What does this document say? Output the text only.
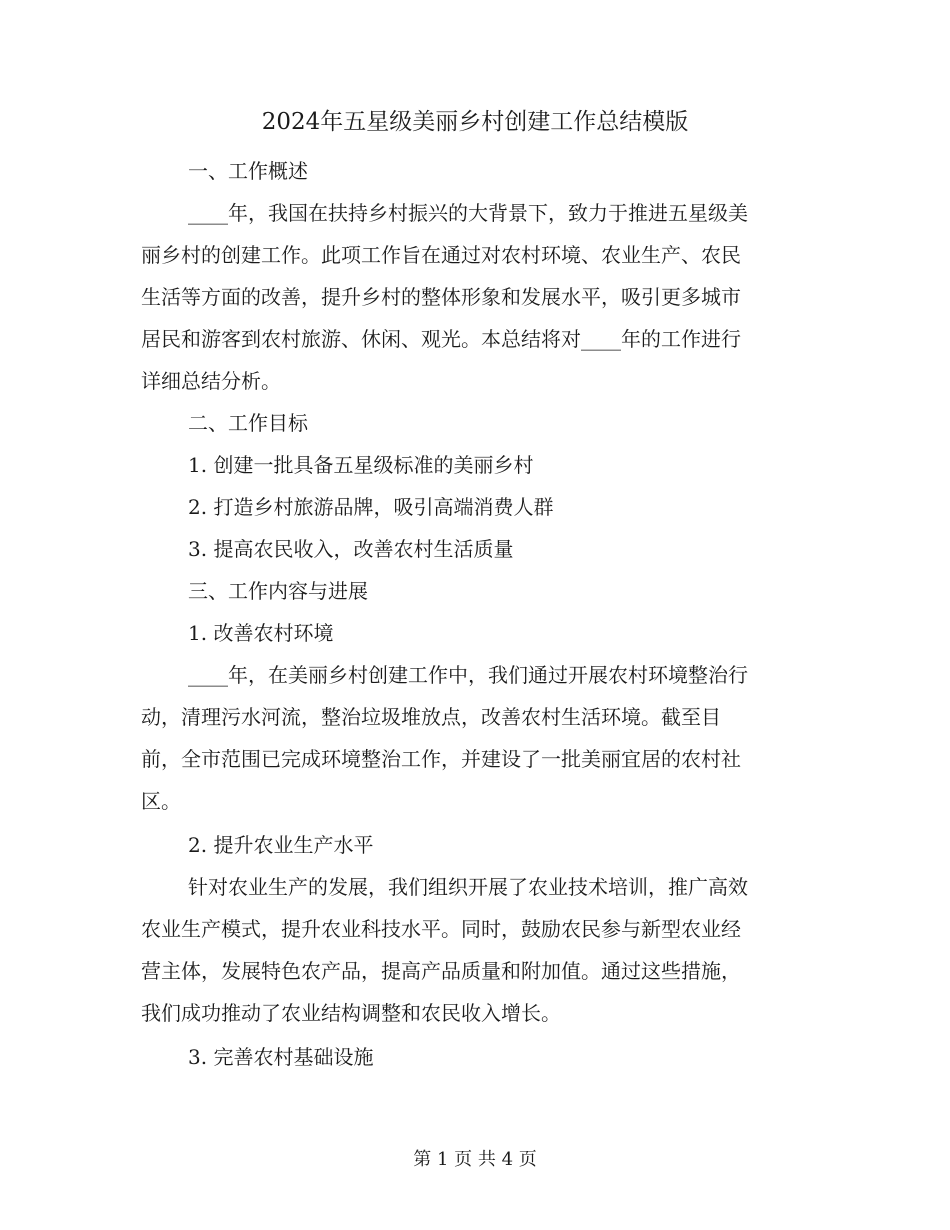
2024年五星级美丽乡村创建工作总结模版
一、工作概述
____年，我国在扶持乡村振兴的大背景下，致力于推进五星级美
丽乡村的创建工作。此项工作旨在通过对农村环境、农业生产、农民
生活等方面的改善，提升乡村的整体形象和发展水平，吸引更多城市
居民和游客到农村旅游、休闲、观光。本总结将对____年的工作进行
详细总结分析。
二、工作目标
1. 创建一批具备五星级标准的美丽乡村
2. 打造乡村旅游品牌，吸引高端消费人群
3. 提高农民收入，改善农村生活质量
三、工作内容与进展
1. 改善农村环境
____年，在美丽乡村创建工作中，我们通过开展农村环境整治行
动，清理污水河流，整治垃圾堆放点，改善农村生活环境。截至目
前，全市范围已完成环境整治工作，并建设了一批美丽宜居的农村社
区。
2. 提升农业生产水平
针对农业生产的发展，我们组织开展了农业技术培训，推广高效
农业生产模式，提升农业科技水平。同时，鼓励农民参与新型农业经
营主体，发展特色农产品，提高产品质量和附加值。通过这些措施，
我们成功推动了农业结构调整和农民收入增长。
3. 完善农村基础设施
第 1 页 共 4 页
